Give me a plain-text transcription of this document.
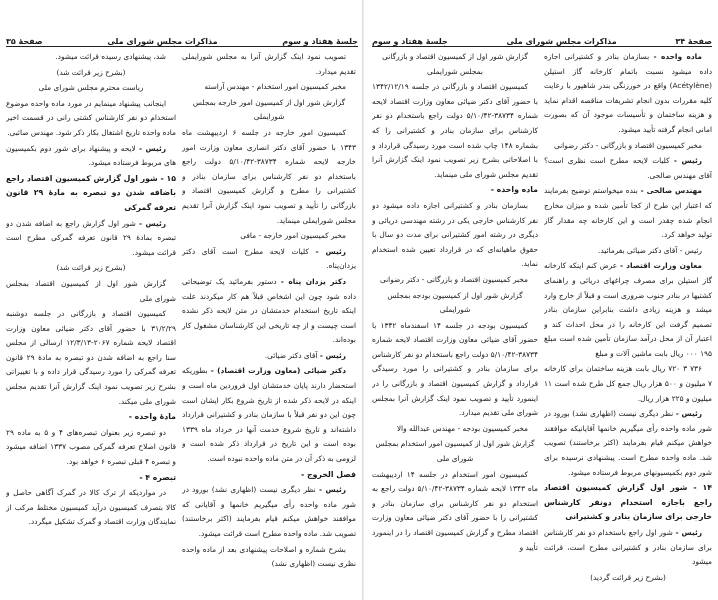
جلسهٔ هفتاد و سوم
مذاکرات مجلس شورای ملی
صفحهٔ ۳۵

تصویب نمود اینک گزارش آنرا به مجلس شورایملی تقدیم میدارد.

مخبر کمیسیون امور استخدام - مهندس آراسته

گزارش شور اول از کمیسیون امور خارجه بمجلس شورایملی

کمیسیون امور خارجه در جلسه ۶ اردیبهشت ماه ۱۳۴۳ با حضور آقای دکتر انصاری معاون وزارت امور خارجه لایحه شماره ۳۸۷۳۴-۵/۱۰/۴۲ دولت راجع باستخدام دو نفر کارشناس برای سازمان بنادر و کشتیرانی را مطرح و گزارش کمیسیون اقتصاد و بازرگانی را تأیید و تصویب نمود اینک گزارش آنرا تقدیم مجلس شورایملی مینماید.

مخبر کمیسیون امور خارجه - مافی

رئیس - کلیات لایحه مطرح است آقای دکتر یزدان‌پناه.

دکتر یزدان پناه - دستور بفرمائید یک توضیحاتی داده شود چون این اشخاص قبلاً هم کار میکردند علت اینکه تاریخ استخدام خدمتشان در متن لایحه ذکر نشده است چیست و از چه تاریخی این کارشناسان مشغول کار بوده‌اند.

رئیس - آقای دکتر ضیائی.

دکتر ضیائی (معاون وزارت اقتصاد) - بطوریکه استحضار دارند پایان خدمتشان اول فروردین ماه است و اینکه در لایحه ذکر شده از تاریخ شروع بکار ایشان است چون این دو نفر قبلاً با سازمان بنادر و کشتیرانی قرارداد داشته‌اند و تاریخ شروع خدمت آنها در خرداد ماه ۱۳۳۹ بوده است و این تاریخ در قرارداد ذکر شده است و لزومی به ذکر آن در متن ماده واحده نبوده است.

فصل الخروج -

رئیس - نظر دیگری نیست (اظهاری نشد) بورود در شور ماده واحده رأی میگیریم خانمها و آقایانی که موافقند خواهش میکنم قیام بفرمایند (اکثر برخاستند) تصویب شد. ماده واحده مطرح است قرائت میشود.

بشرح شماره و اصلاحات پیشنهادی بعد از ماده واحده نظری نیست (اظهاری نشد)

شد، پیشنهادی رسیده قرائت میشود.

(بشرح زیر قرائت شد)

ریاست محترم مجلس شورای ملی

اینجانب پیشنهاد مینمایم در مورد ماده واحده موضوع استخدام دو نفر کارشناس کشتی رانی در قسمت اخیر ماده واحده تاریخ اشتغال بکار ذکر شود. مهندس صائبی.

رئیس - لایحه و پیشنهاد برای شور دوم بکمیسیون های مربوط فرستاده میشود.

۱۵ - شور اول گزارش کمیسیون اقتصاد راجع باضافه شدن دو تبصره به مادهٔ ۲۹ قانون تعرفه گمرکی

رئیس - شور اول گزارش راجع به اضافه شدن دو تبصره بمادهٔ ۲۹ قانون تعرفه گمرکی مطرح است قرائت میشود.

(بشرح زیر قرائت شد)

گزارش شور اول از کمیسیون اقتصاد بمجلس شورای ملی

کمیسیون اقتصاد و بازرگانی در جلسه دوشنبه ۳۱/۲/۲۹ با حضور آقای دکتر ضیائی معاون وزارت اقتصاد لایحه شماره ۲۰۶۷-۱۲/۳/۱۳ ارسالی از مجلس سنا راجع به اضافه شدن دو تبصره به مادهٔ ۲۹ قانون تعرفه گمرکی را مورد رسیدگی قرار داده و با تغییراتی بشرح زیر تصویب نمود اینک گزارش آنرا تقدیم مجلس شورای ملی میکند.

مادهٔ واحده -

دو تبصره زیر بعنوان تبصره‌های ۴ و ۵ به ماده ۲۹ قانون اصلاح تعرفه گمرکی مصوب ۱۳۳۷ اضافه میشود و تبصره ۴ قبلی تبصره ۶ خواهد بود.

تبصره ۴ -

در مواردیکه از ترک کالا در گمرک آگاهی حاصل و کالا بتصرف کمیسیون درآید کمیسیون مختلط مرکب از نمایندگان وزارت اقتصاد و گمرک تشکیل میگردد.

صفحهٔ ۳۴
مذاکرات مجلس شورای ملی
جلسهٔ هفتاد و سوم

ماده واحده - بسازمان بنادر و کشتیرانی اجازه داده میشود نسبت باتمام کارخانه گاز استیلن (Acétylène) واقع در خورزنگی بندر شاهپور با رعایت کلیه مقررات بدون انجام تشریفات مناقصه اقدام نماید و هزینه ساختمان و تأسیسات موجود آن که بصورت امانی انجام گرفته تأیید میشود.

مخبر کمیسیون اقتصاد و بازرگانی - دکتر رضوانی

رئیس - کلیات لایحه مطرح است نظری است؟ آقای مهندس صالحی.

مهندس صالحی - بنده میخواستم توضیح بفرمایند که اعتبار این طرح از کجا تأمین شده و میزان مخارج انجام شده چقدر است و این کارخانه چه مقدار گاز تولید خواهد کرد.

رئیس - آقای دکتر ضیائی بفرمائید.

معاون وزارت اقتصاد - عرض کنم اینکه کارخانه گاز استیلن برای مصرف چراغهای دریائی و راهنمای کشتیها در بنادر جنوب ضروری است و قبلاً از خارج وارد میشد و هزینه زیادی داشت بنابراین سازمان بنادر تصمیم گرفت این کارخانه را در محل احداث کند و اعتبار آن از محل درآمد سازمان تأمین شده است مبلغ ۱۹۵ ۰۰۰ ریال بابت ماشین آلات و مبلغ

۷۳۶ ۳ ۷۲۰ ریال بابت هزینه ساختمان برای کارخانه ۷ میلیون و ۵۰۰ هزار ریال جمع کل طرح شده است ۱۱ میلیون و ۲۲۵ هزار ریال.

رئیس - نظر دیگری نیست (اظهاری نشد) بورود در شور ماده واحده رأی میگیریم خانمها آقایانیکه موافقند خواهش میکنم قیام بفرمایند (اکثر برخاستند) تصویب شد. ماده واحده مطرح است. پیشنهادی نرسیده برای شور دوم بکمیسیونهای مربوط فرستاده میشود.

۱۴ - شور اول گزارش کمیسیون اقتصاد راجع باجازه استخدام دونفر کارشناس خارجی برای سازمان بنادر و کشتیرانی

رئیس - شور اول راجع باستخدام دو نفر کارشناس برای سازمان بنادر و کشتیرانی مطرح است، قرائت میشود

(بشرح زیر قرائت گردید)

گزارش شور اول از کمیسیون اقتصاد و بازرگانی بمجلس شورایملی

کمیسیون اقتصاد و بازرگانی در جلسه ۱۳۴۲/۱۲/۱۹ با حضور آقای دکتر ضیائی معاون وزارت اقتصاد لایحه شماره ۳۸۷۳۴-۵/۱۰/۴۲ دولت راجع باستخدام دو نفر کارشناس برای سازمان بنادر و کشتیرانی را که بشماره ۱۴۸ چاپ شده است مورد رسیدگی قرارداد و با اصلاحاتی بشرح زیر تصویب نمود اینک گزارش آنرا تقدیم مجلس شورای ملی مینماید.

ماده واحده -

بسازمان بنادر و کشتیرانی اجازه داده میشود دو نفر کارشناس خارجی یکی در رشته مهندسی دریائی و دیگری در رشته امور کشتیرانی برای مدت دو سال با حقوق ماهیانه‌ای که در قرارداد تعیین شده استخدام نماید.

مخبر کمیسیون اقتصاد و بازرگانی - دکتر رضوانی

گزارش شور اول از کمیسیون بودجه بمجلس شورایملی

کمیسیون بودجه در جلسه ۱۴ اسفندماه ۱۳۴۲ با حضور آقای ضیائی معاون وزارت اقتصاد لایحه شماره ۳۸۷۳۴-۵/۱۰/۴۲ دولت راجع باستخدام دو نفر کارشناس برای سازمان بنادر و کشتیرانی را مورد رسیدگی قرارداد و گزارش کمیسیون اقتصاد و بازرگانی را در اینمورد تأیید و تصویب نمود اینک گزارش آنرا بمجلس شورای ملی تقدیم میدارد.

مخبر کمیسیون بودجه - مهندس عبدالله والا

گزارش شور اول از کمیسیون امور استخدام بمجلس شورای ملی

کمیسیون امور استخدام در جلسه ۱۴ اردیبهشت ماه ۱۳۴۳ لایحه شماره ۳۸۷۳۴-۵/۱۰/۴۲ دولت راجع به استخدام دو نفر کارشناس برای سازمان بنادر و کشتیرانی را با حضور آقای دکتر ضیائی معاون وزارت اقتصاد مطرح و گزارش کمیسیون اقتصاد را در اینمورد تأیید و
